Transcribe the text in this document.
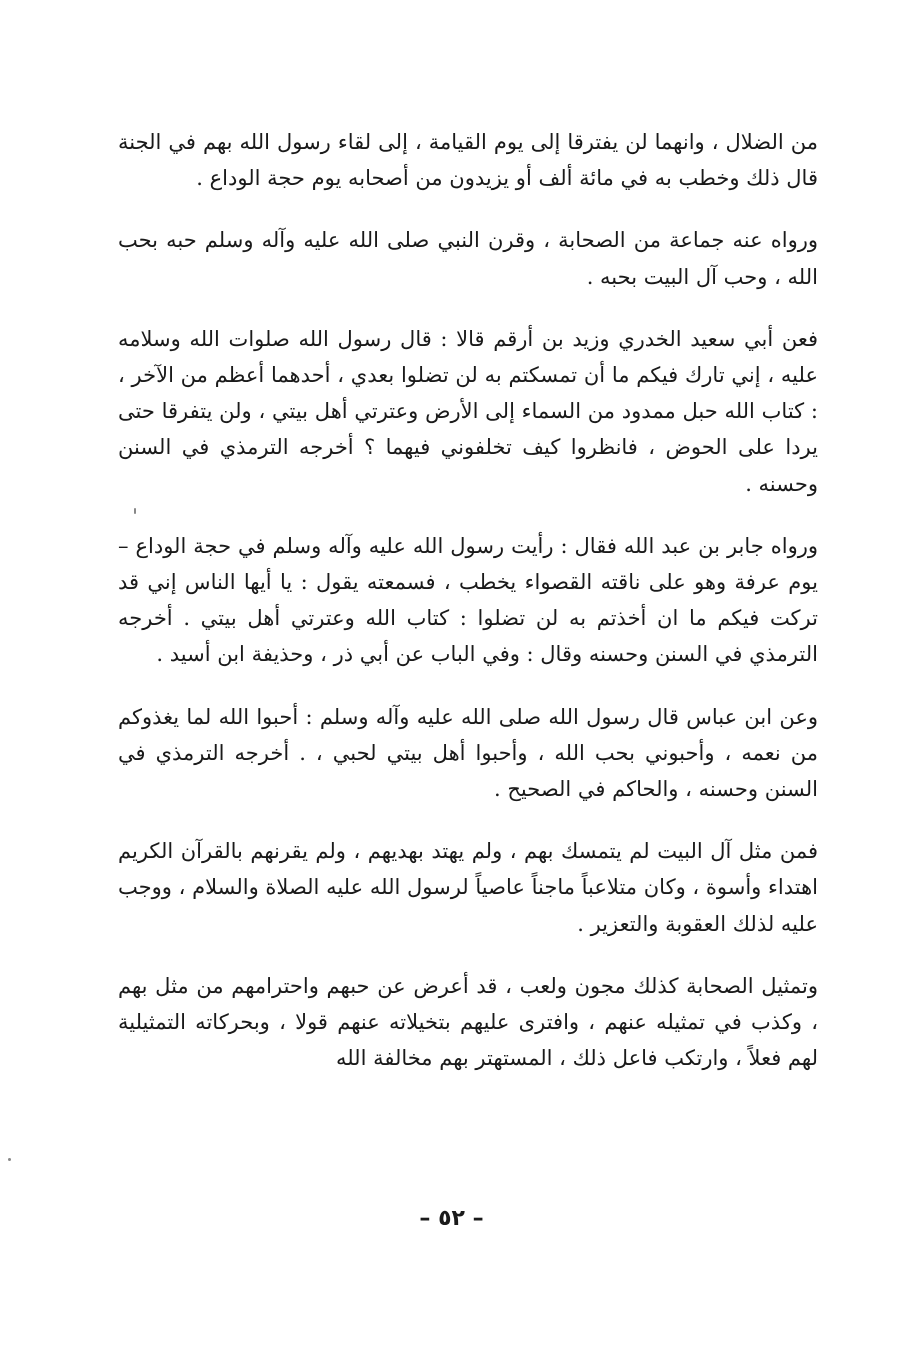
من الضلال ، وانهما لن يفترقا إلى يوم القيامة ، إلى لقاء رسول الله بهم في الجنة قال ذلك وخطب به في مائة ألف أو يزيدون من أصحابه يوم حجة الوداع .

ورواه عنه جماعة من الصحابة ، وقرن النبي صلى الله عليه وآله وسلم حبه بحب الله ، وحب آل البيت بحبه .

فعن أبي سعيد الخدري وزيد بن أرقم قالا : قال رسول الله صلوات الله وسلامه عليه ، إني تارك فيكم ما أن تمسكتم به لن تضلوا بعدي ، أحدهما أعظم من الآخر ، : كتاب الله حبل ممدود من السماء إلى الأرض وعترتي أهل بيتي ، ولن يتفرقا حتى يردا على الحوض ، فانظروا كيف تخلفوني فيهما ؟ أخرجه الترمذي في السنن وحسنه .

ورواه جابر بن عبد الله فقال : رأيت رسول الله عليه وآله وسلم في حجة الوداع – يوم عرفة وهو على ناقته القصواء يخطب ، فسمعته يقول : يا أيها الناس إني قد تركت فيكم ما ان أخذتم به لن تضلوا : كتاب الله وعترتي أهل بيتي . أخرجه الترمذي في السنن وحسنه وقال : وفي الباب عن أبي ذر ، وحذيفة ابن أسيد .

وعن ابن عباس قال رسول الله صلى الله عليه وآله وسلم : أحبوا الله لما يغذوكم من نعمه ، وأحبوني بحب الله ، وأحبوا أهل بيتي لحبي ، . أخرجه الترمذي في السنن وحسنه ، والحاكم في الصحيح .

فمن مثل آل البيت لم يتمسك بهم ، ولم يهتد بهديهم ، ولم يقرنهم بالقرآن الكريم اهتداء وأسوة ، وكان متلاعباً ماجناً عاصياً لرسول الله عليه الصلاة والسلام ، ووجب عليه لذلك العقوبة والتعزير .

وتمثيل الصحابة كذلك مجون ولعب ، قد أعرض عن حبهم واحترامهم من مثل بهم ، وكذب في تمثيله عنهم ، وافترى عليهم بتخيلاته عنهم قولا ، وبحركاته التمثيلية لهم فعلاً ، وارتكب فاعل ذلك ، المستهتر بهم مخالفة الله

– ٥٢ –
